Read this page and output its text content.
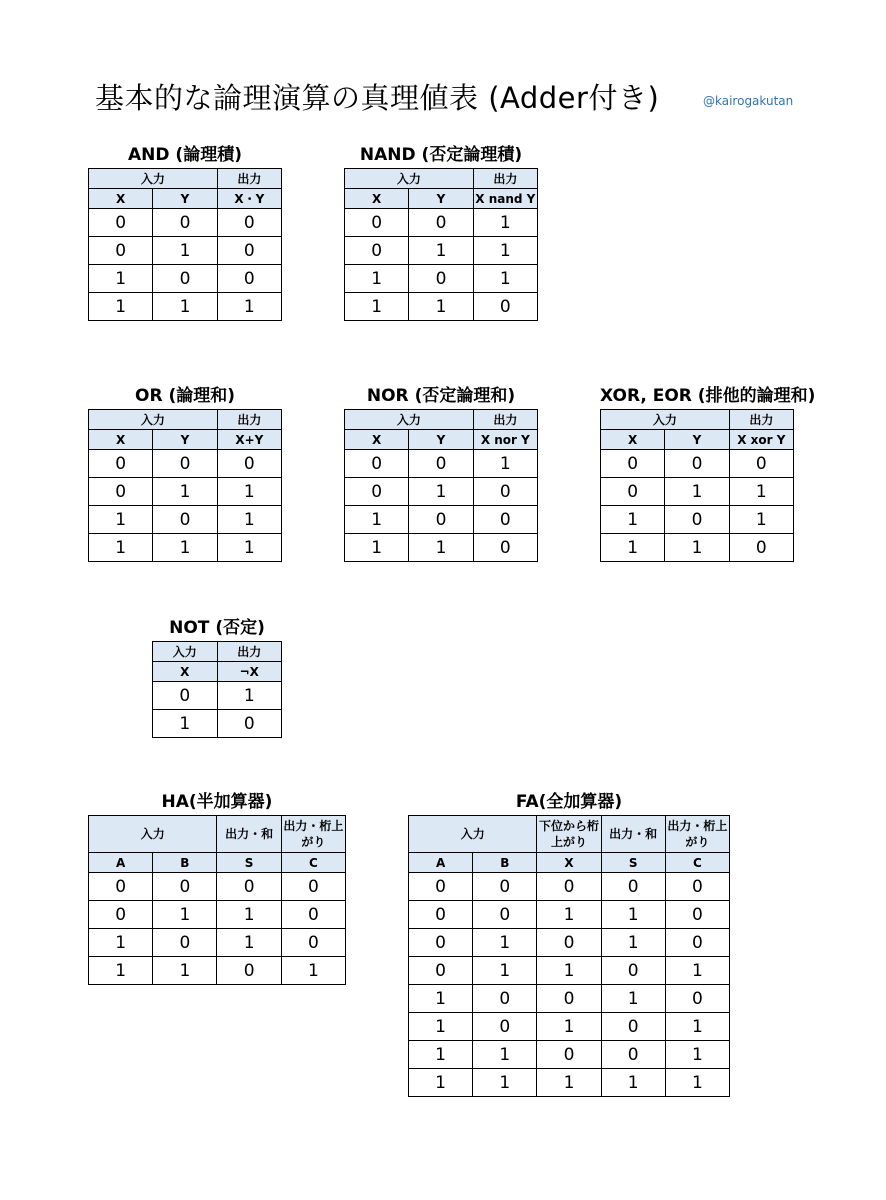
基本的な論理演算の真理値表 (Adder付き)	@kairogakutan
AND (論理積)
入力		出力
X	Y	X・Y
0	0	0
0	1	0
1	0	0
1	1	1
NAND (否定論理積)
入力		出力
X	Y	X nand Y
0	0	1
0	1	1
1	0	1
1	1	0
OR (論理和)
入力		出力
X	Y	X+Y
0	0	0
0	1	1
1	0	1
1	1	1
NOR (否定論理和)
入力		出力
X	Y	X nor Y
0	0	1
0	1	0
1	0	0
1	1	0
XOR, EOR (排他的論理和)
入力		出力
X	Y	X xor Y
0	0	0
0	1	1
1	0	1
1	1	0
NOT (否定)
入力	出力
X	¬X
0	1
1	0
HA(半加算器)
入力		出力・和	出力・桁上がり
A	B	S	C
0	0	0	0
0	1	1	0
1	0	1	0
1	1	0	1
FA(全加算器)
入力		下位から桁上がり	出力・和	出力・桁上がり
A	B	X	S	C
0	0	0	0	0
0	0	1	1	0
0	1	0	1	0
0	1	1	0	1
1	0	0	1	0
1	0	1	0	1
1	1	0	0	1
1	1	1	1	1
